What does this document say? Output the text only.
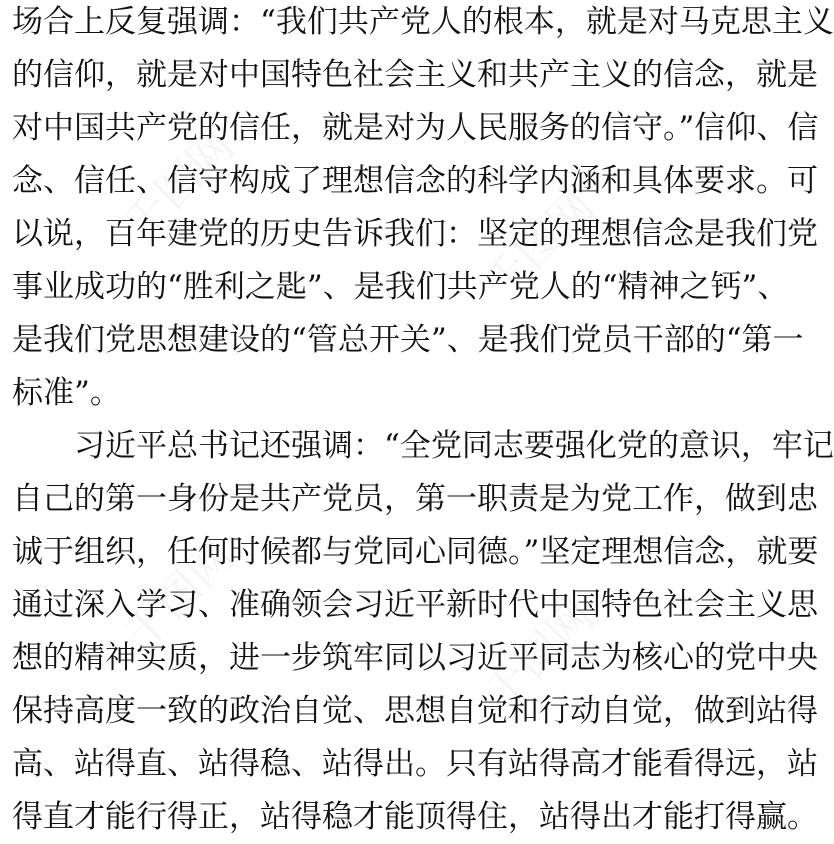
场合上反复强调：“我们共产党人的根本，就是对马克思主义
的信仰，就是对中国特色社会主义和共产主义的信念，就是
对中国共产党的信任，就是对为人民服务的信守。”信仰、信
念、信任、信守构成了理想信念的科学内涵和具体要求。可
以说，百年建党的历史告诉我们：坚定的理想信念是我们党
事业成功的“胜利之匙”、是我们共产党人的“精神之钙”、
是我们党思想建设的“管总开关”、是我们党员干部的“第一
标准”。
　　习近平总书记还强调：“全党同志要强化党的意识，牢记
自己的第一身份是共产党员，第一职责是为党工作，做到忠
诚于组织，任何时候都与党同心同德。”坚定理想信念，就要
通过深入学习、准确领会习近平新时代中国特色社会主义思
想的精神实质，进一步筑牢同以习近平同志为核心的党中央
保持高度一致的政治自觉、思想自觉和行动自觉，做到站得
高、站得直、站得稳、站得出。只有站得高才能看得远，站
得直才能行得正，站得稳才能顶得住，站得出才能打得赢。
